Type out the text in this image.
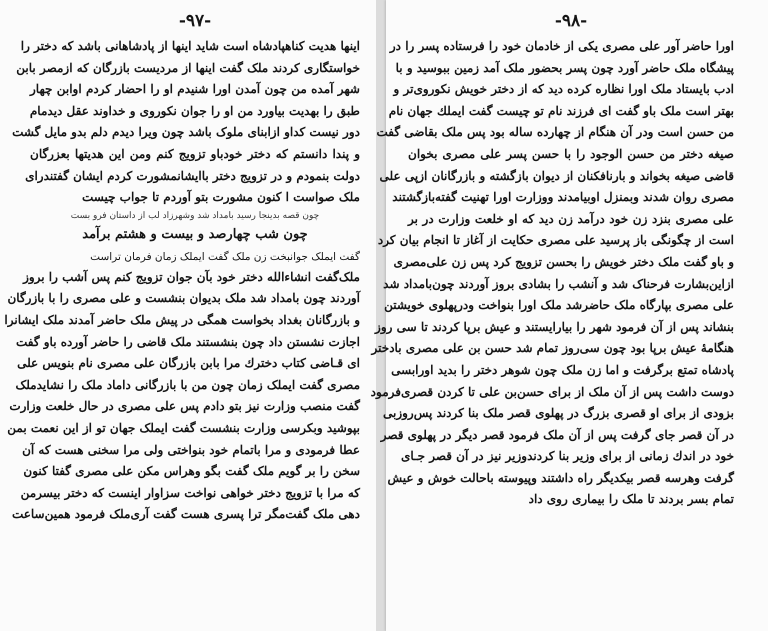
-۹۷-
اینها هدیت کناهپادشاه است شاید اینها از پادشاهانی باشد که دختر را
خواستگاری کردند ملک گفت اینها از مردیست بازرگان که ازمصر بابن
شهر آمده من چون آمدن اورا شنیدم او را احضار کردم اوابن چهار
طبق را بهدیت بیاورد من او را جوان نکوروی و خداوند عقل دیدمام
دور نیست کداو ازابنای ملوک باشد چون ویرا دیدم دلم بدو مایل گشت
و پندا دانستم که دختر خودباو تزویج کنم ومن این هدیتها بعزرگان
دولت بنمودم و در تزویج دختر باایشانمشورت کردم ایشان گفتندرای
ملک صواست ا کنون مشورت بتو آوردم تا جواب چیست
چون قصه بدینجا رسید بامداد شد وشهرزاد لب از داستان فرو بست
چون شب چهارصد و بیست و هشتم برآمد
گفت ایملک جوانبخت زن ملک گفت ایملک زمان فرمان تراست
ملک‌گفت انشاءالله دختر خود بآن جوان تزویج کنم پس آشب را بروز
آوردند چون بامداد شد ملک بدیوان بنشست و علی مصری را با بازرگان
و بازرگانان بغداد بخواست همگی در پیش ملک حاضر آمدند ملک ایشانرا
اجازت نشستن داد چون بنشستند ملک قاضی را حاضر آورده باو گفت
ای قـاضی کتاب دخترك مرا بابن بازرگان علی مصری نام بنویس علی
مصری گفت ایملک زمان چون من با بازرگانی داماد ملک را نشایدملک
گفت منصب وزارت نیز بتو دادم پس علی مصری در حال خلعت وزارت
بپوشید وبکرسی وزارت بنشست گفت ایملک جهان تو از این نعمت بمن
عطا فرمودی و مرا باتمام خود بنواختی ولی مرا سخنی هست که آن
سخن را بر گویم ملک گفت بگو وهراس مکن علی مصری گفتا کنون
که مرا با تزویج دختر خواهی نواخت سزاوار اینست که دختر بیسرمن
دهی ملک گفت‌مگر ترا پسری هست گفت آری‌ملک فرمود همین‌ساعت
-۹۸-
اورا حاضر آور علی مصری یکی از خادمان خود را فرستاده پسر را در
پیشگاه ملک حاضر آورد چون پسر بحضور ملک آمد زمین ببوسید و با
ادب بایستاد ملک اورا نظاره کرده دید که از دختر خویش نکوروی‌تر و
بهتر است ملک باو گفت ای فرزند نام تو چیست گفت ایملك جهان نام
من حسن است ودر آن هنگام از چهارده ساله بود پس ملک بقاضی گفت
صیغه دختر من حسن الوجود را با حسن پسر علی مصری بخوان
قاضی صیغه بخواند و بارنافکنان از دیوان بازگشته و بازرگانان ازپی علی
مصری روان شدند وبمنزل اوبیامدند ووزارت اورا تهنیت گفته‌بازگشتند
علی مصری بنزد زن خود درآمد زن دید که او خلعت وزارت در بر
است از چگونگی باز پرسید علی مصری حکایت از آغاز تا انجام بیان کرد
و باو گفت ملک دختر خویش را بحسن تزویج کرد پس زن علی‌مصری
ازاین‌بشارت فرحناک شد و آنشب را بشادی بروز آوردند چون‌بامداد شد
علی مصری بپارگاه ملک حاضرشد ملک اورا بنواخت ودرپهلوی خویشتن
بنشاند پس از آن فرمود شهر را بیارایستند و عیش برپا کردند تا سی روز
هنگامهٔ عیش برپا بود چون سی‌روز تمام شد حسن بن علی مصری بادختر
پادشاه تمتع برگرفت و اما زن ملک چون شوهر دختر را بدید اورابسی
دوست داشت پس از آن ملک از برای حسن‌بن علی تا کردن قصری‌فرمود
بزودی از برای او قصری بزرگ در پهلوی قصر ملک بنا کردند پس‌روزبی
در آن قصر جای گرفت پس از آن ملک فرمود قصر دیگر در پهلوی قصر
خود در اندك زمانی از برای وزیر بنا کردند‌وزیر نیز در آن قصر جـای
گرفت وهرسه قصر بیکدیگر راه داشتند وپیوسته باحالت خوش و عیش
تمام بسر بردند تا ملک را بیماری روی داد
